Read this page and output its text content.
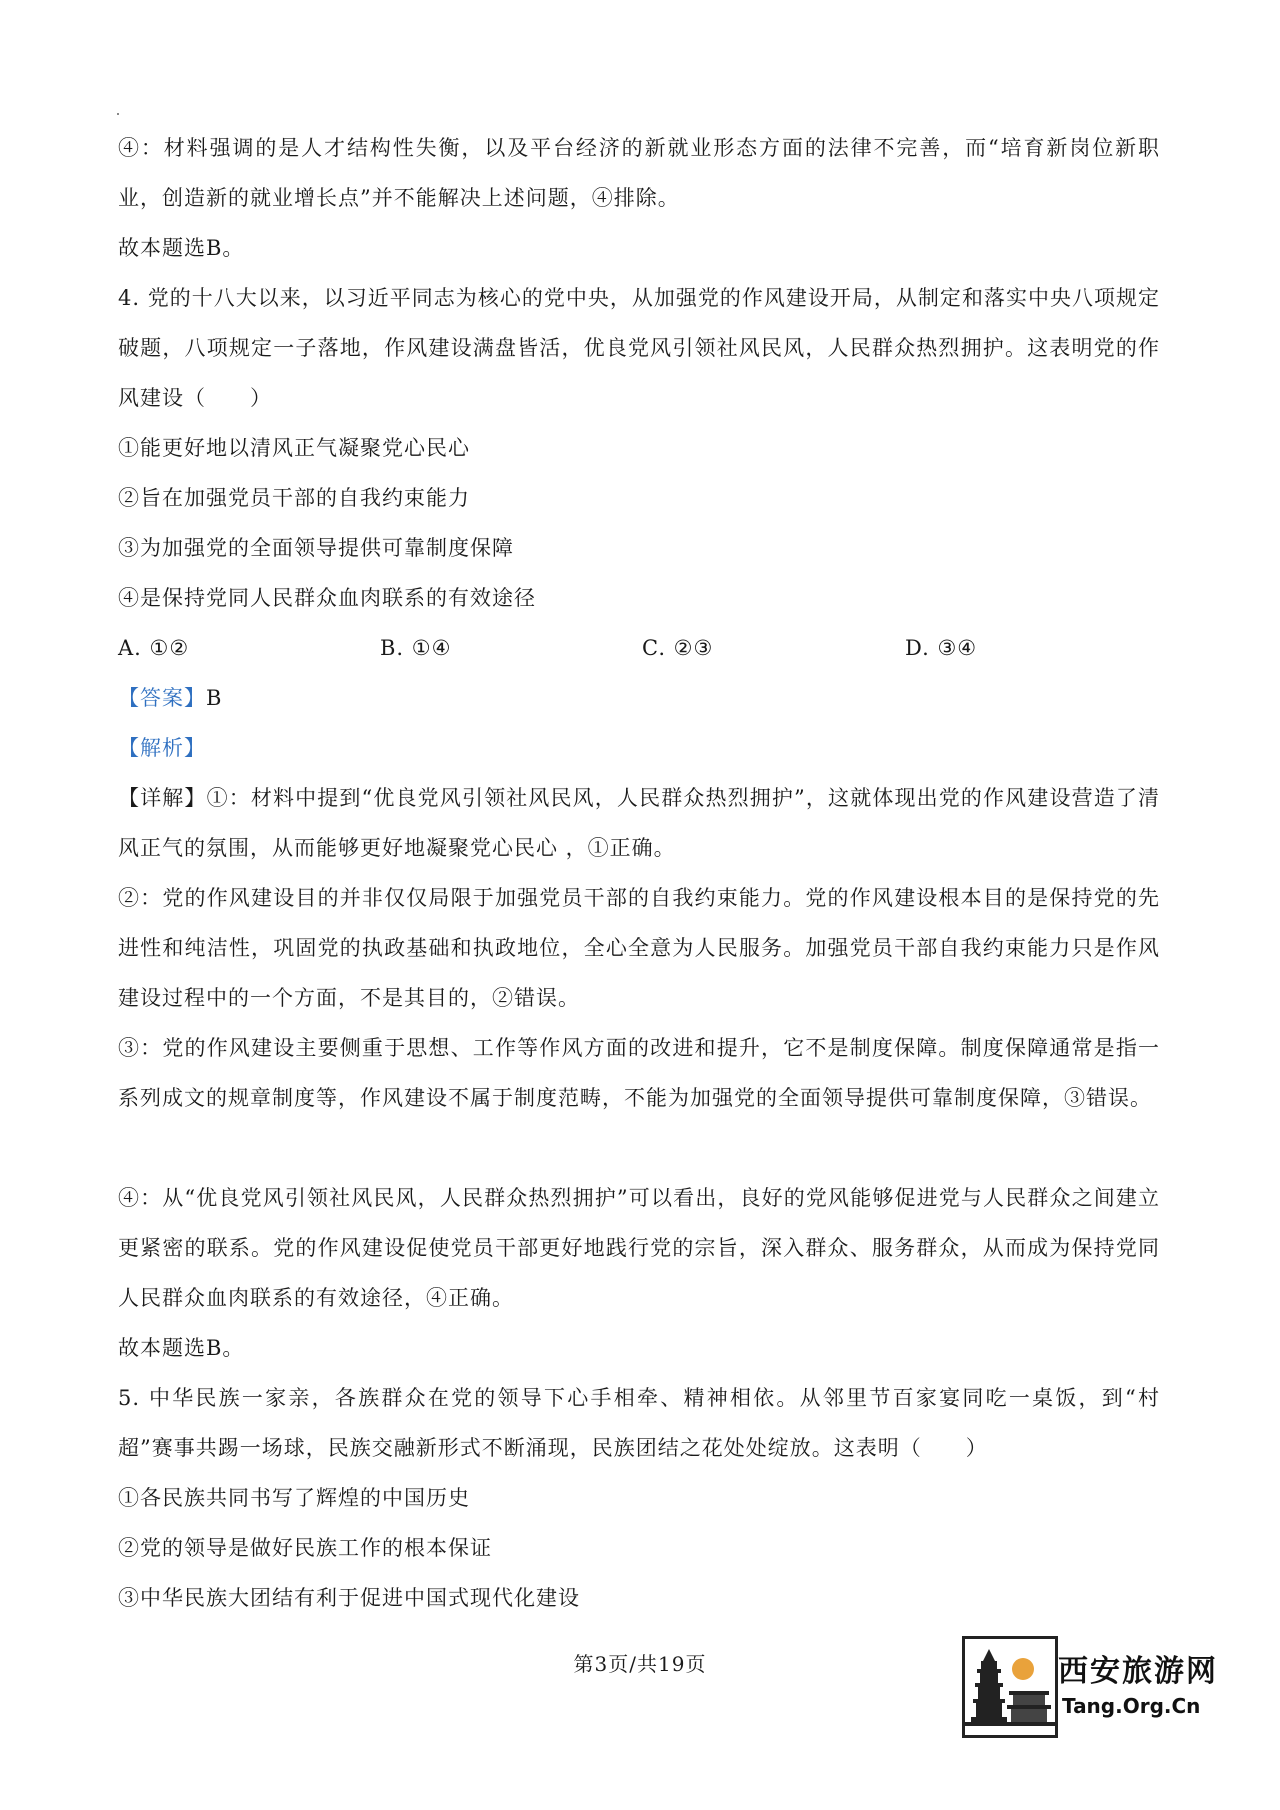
④：材料强调的是人才结构性失衡，以及平台经济的新就业形态方面的法律不完善，而“培育新岗位新职业，创造新的就业增长点”并不能解决上述问题，④排除。
故本题选B。
4. 党的十八大以来，以习近平同志为核心的党中央，从加强党的作风建设开局，从制定和落实中央八项规定破题，八项规定一子落地，作风建设满盘皆活，优良党风引领社风民风，人民群众热烈拥护。这表明党的作风建设（　　）
①能更好地以清风正气凝聚党心民心
②旨在加强党员干部的自我约束能力
③为加强党的全面领导提供可靠制度保障
④是保持党同人民群众血肉联系的有效途径
A. ①②	B. ①④	C. ②③	D. ③④
【答案】B
【解析】
【详解】①：材料中提到“优良党风引领社风民风，人民群众热烈拥护”，这就体现出党的作风建设营造了清风正气的氛围，从而能够更好地凝聚党心民心 ，①正确。
②：党的作风建设目的并非仅仅局限于加强党员干部的自我约束能力。党的作风建设根本目的是保持党的先进性和纯洁性，巩固党的执政基础和执政地位，全心全意为人民服务。加强党员干部自我约束能力只是作风建设过程中的一个方面，不是其目的，②错误。
③：党的作风建设主要侧重于思想、工作等作风方面的改进和提升，它不是制度保障。制度保障通常是指一系列成文的规章制度等，作风建设不属于制度范畴，不能为加强党的全面领导提供可靠制度保障，③错误。
④：从“优良党风引领社风民风，人民群众热烈拥护”可以看出，良好的党风能够促进党与人民群众之间建立更紧密的联系。党的作风建设促使党员干部更好地践行党的宗旨，深入群众、服务群众，从而成为保持党同人民群众血肉联系的有效途径，④正确。
故本题选B。
5. 中华民族一家亲，各族群众在党的领导下心手相牵、精神相依。从邻里节百家宴同吃一桌饭，到“村超”赛事共踢一场球，民族交融新形式不断涌现，民族团结之花处处绽放。这表明（　　）
①各民族共同书写了辉煌的中国历史
②党的领导是做好民族工作的根本保证
③中华民族大团结有利于促进中国式现代化建设
第3页/共19页	西安旅游网
Tang.Org.Cn
